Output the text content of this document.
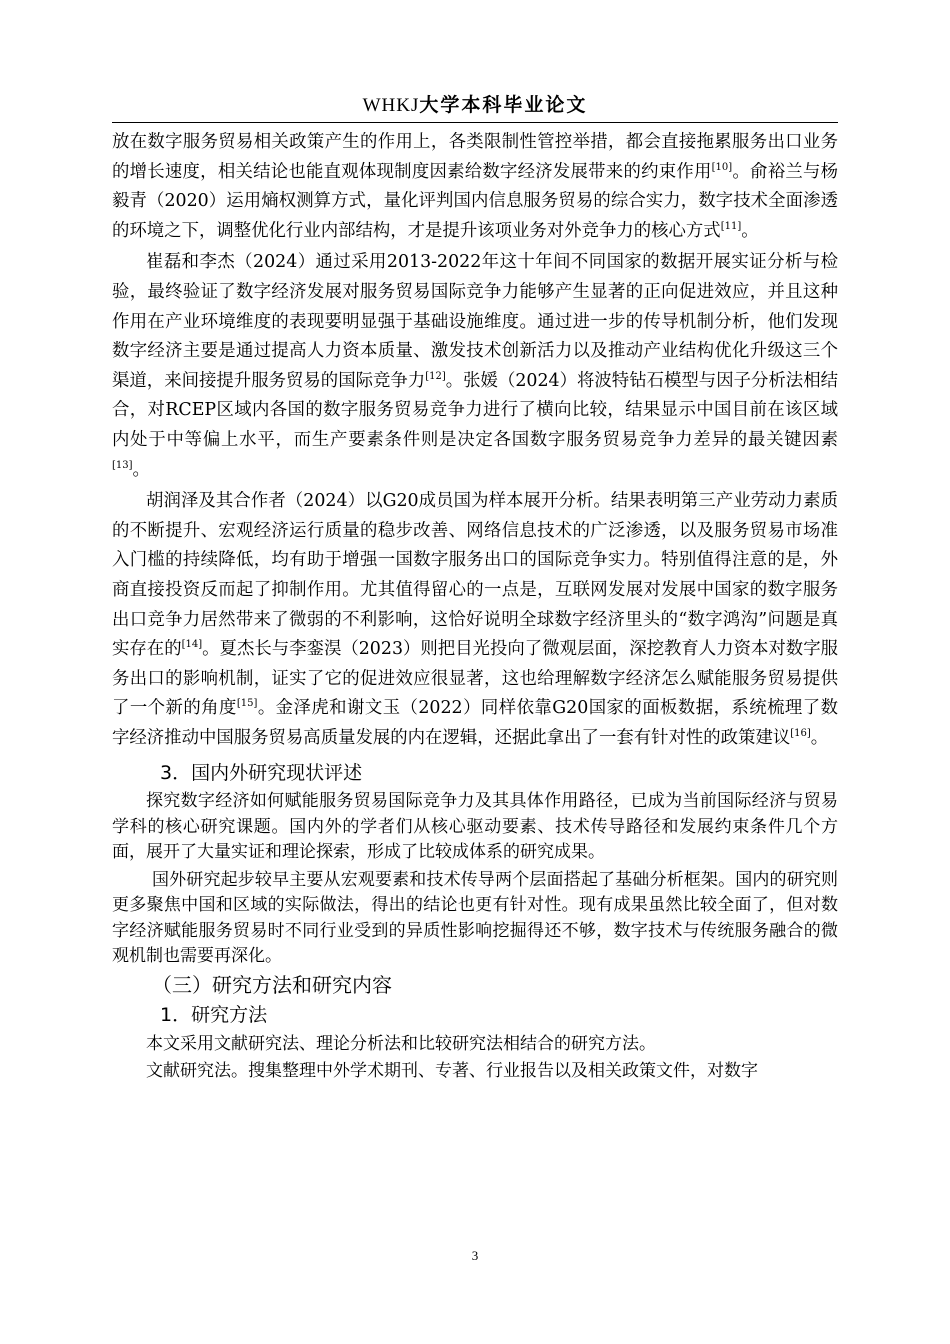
WHKJ大学本科毕业论文

放在数字服务贸易相关政策产生的作用上，各类限制性管控举措，都会直接拖累服务出口业务的增长速度，相关结论也能直观体现制度因素给数字经济发展带来的约束作用[10]。俞裕兰与杨毅青（2020）运用熵权测算方式，量化评判国内信息服务贸易的综合实力，数字技术全面渗透的环境之下，调整优化行业内部结构，才是提升该项业务对外竞争力的核心方式[11]。

崔磊和李杰（2024）通过采用2013-2022年这十年间不同国家的数据开展实证分析与检验，最终验证了数字经济发展对服务贸易国际竞争力能够产生显著的正向促进效应，并且这种作用在产业环境维度的表现要明显强于基础设施维度。通过进一步的传导机制分析，他们发现数字经济主要是通过提高人力资本质量、激发技术创新活力以及推动产业结构优化升级这三个渠道，来间接提升服务贸易的国际竞争力[12]。张媛（2024）将波特钻石模型与因子分析法相结合，对RCEP区域内各国的数字服务贸易竞争力进行了横向比较，结果显示中国目前在该区域内处于中等偏上水平，而生产要素条件则是决定各国数字服务贸易竞争力差异的最关键因素[13]。

胡润泽及其合作者（2024）以G20成员国为样本展开分析。结果表明第三产业劳动力素质的不断提升、宏观经济运行质量的稳步改善、网络信息技术的广泛渗透，以及服务贸易市场准入门槛的持续降低，均有助于增强一国数字服务出口的国际竞争实力。特别值得注意的是，外商直接投资反而起了抑制作用。尤其值得留心的一点是，互联网发展对发展中国家的数字服务出口竞争力居然带来了微弱的不利影响，这恰好说明全球数字经济里头的“数字鸿沟”问题是真实存在的[14]。夏杰长与李銮淏（2023）则把目光投向了微观层面，深挖教育人力资本对数字服务出口的影响机制，证实了它的促进效应很显著，这也给理解数字经济怎么赋能服务贸易提供了一个新的角度[15]。金泽虎和谢文玉（2022）同样依靠G20国家的面板数据，系统梳理了数字经济推动中国服务贸易高质量发展的内在逻辑，还据此拿出了一套有针对性的政策建议[16]。

3．国内外研究现状评述

探究数字经济如何赋能服务贸易国际竞争力及其具体作用路径，已成为当前国际经济与贸易学科的核心研究课题。国内外的学者们从核心驱动要素、技术传导路径和发展约束条件几个方面，展开了大量实证和理论探索，形成了比较成体系的研究成果。

国外研究起步较早主要从宏观要素和技术传导两个层面搭起了基础分析框架。国内的研究则更多聚焦中国和区域的实际做法，得出的结论也更有针对性。现有成果虽然比较全面了，但对数字经济赋能服务贸易时不同行业受到的异质性影响挖掘得还不够，数字技术与传统服务融合的微观机制也需要再深化。

（三）研究方法和研究内容
1．研究方法

本文采用文献研究法、理论分析法和比较研究法相结合的研究方法。

文献研究法。搜集整理中外学术期刊、专著、行业报告以及相关政策文件，对数字

3
